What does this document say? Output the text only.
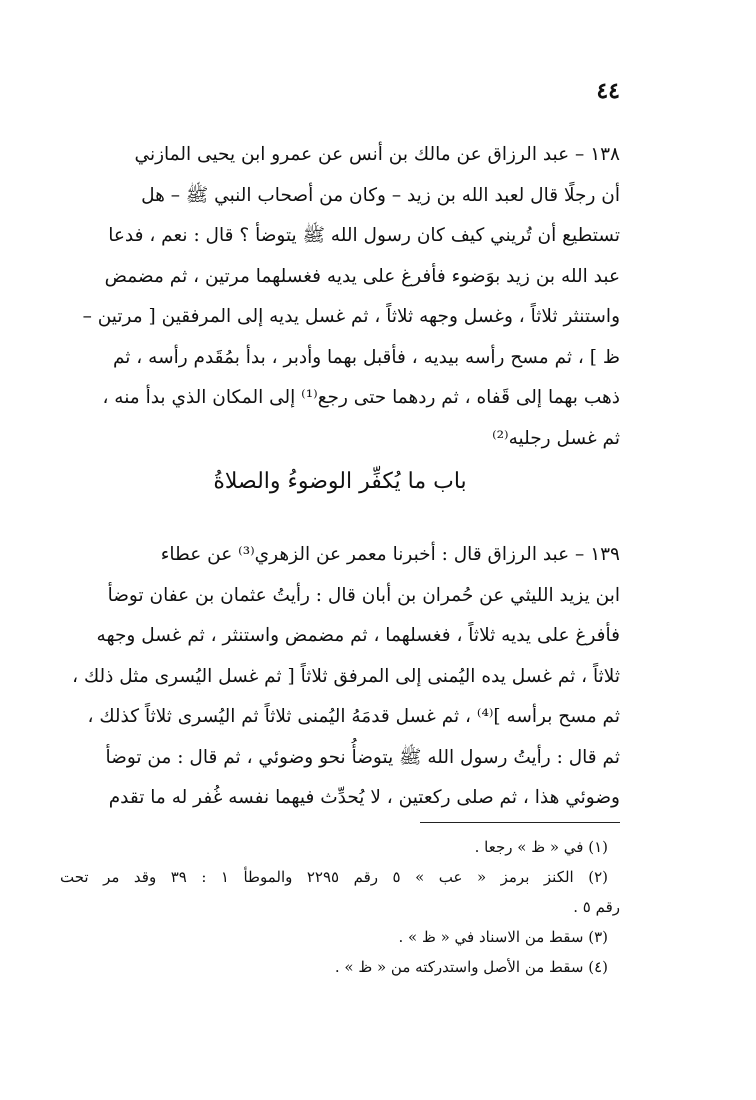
٤٤
١٣٨ – عبد الرزاق عن مالك بن أنس عن عمرو ابن يحيى المازني
أن رجلًا قال لعبد الله بن زيد – وكان من أصحاب النبي ﷺ – هل
تستطيع أن تُريني كيف كان رسول الله ﷺ يتوضأ ؟ قال : نعم ، فدعا
عبد الله بن زيد بوَضوء فأفرغ على يديه فغسلهما مرتين ، ثم مضمض
واستنثر ثلاثاً ، وغسل وجهه ثلاثاً ، ثم غسل يديه إلى المرفقين [ مرتين –
ظ ] ، ثم مسح رأسه بيديه ، فأقبل بهما وأدبر ، بدأ بمُقَدم رأسه ، ثم
ذهب بهما إلى قَفاه ، ثم ردهما حتى رجع⁽¹⁾ إلى المكان الذي بدأ منه ،
ثم غسل رجليه⁽²⁾
باب ما يُكفِّر الوضوءُ والصلاةُ
١٣٩ – عبد الرزاق قال : أخبرنا معمر عن الزهري⁽³⁾ عن عطاء
ابن يزيد الليثي عن حُمران بن أبان قال : رأيتُ عثمان بن عفان توضأ
فأفرغ على يديه ثلاثاً ، فغسلهما ، ثم مضمض واستنثر ، ثم غسل وجهه
ثلاثاً ، ثم غسل يده اليُمنى إلى المرفق ثلاثاً [ ثم غسل اليُسرى مثل ذلك ،
ثم مسح برأسه ]⁽⁴⁾ ، ثم غسل قدمَهُ اليُمنى ثلاثاً ثم اليُسرى ثلاثاً كذلك ،
ثم قال : رأيتُ رسول الله ﷺ يتوضأُ نحو وضوئي ، ثم قال : من توضأ
وضوئي هذا ، ثم صلى ركعتين ، لا يُحدِّث فيهما نفسه غُفر له ما تقدم
(١) في « ظ » رجعا .
(٢) الكنز برمز « عب » ٥ رقم ٢٢٩٥ والموطأ ١ : ٣٩ وقد مر تحت
رقم ٥ .
(٣) سقط من الاسناد في « ظ » .
(٤) سقط من الأصل واستدركته من « ظ » .
